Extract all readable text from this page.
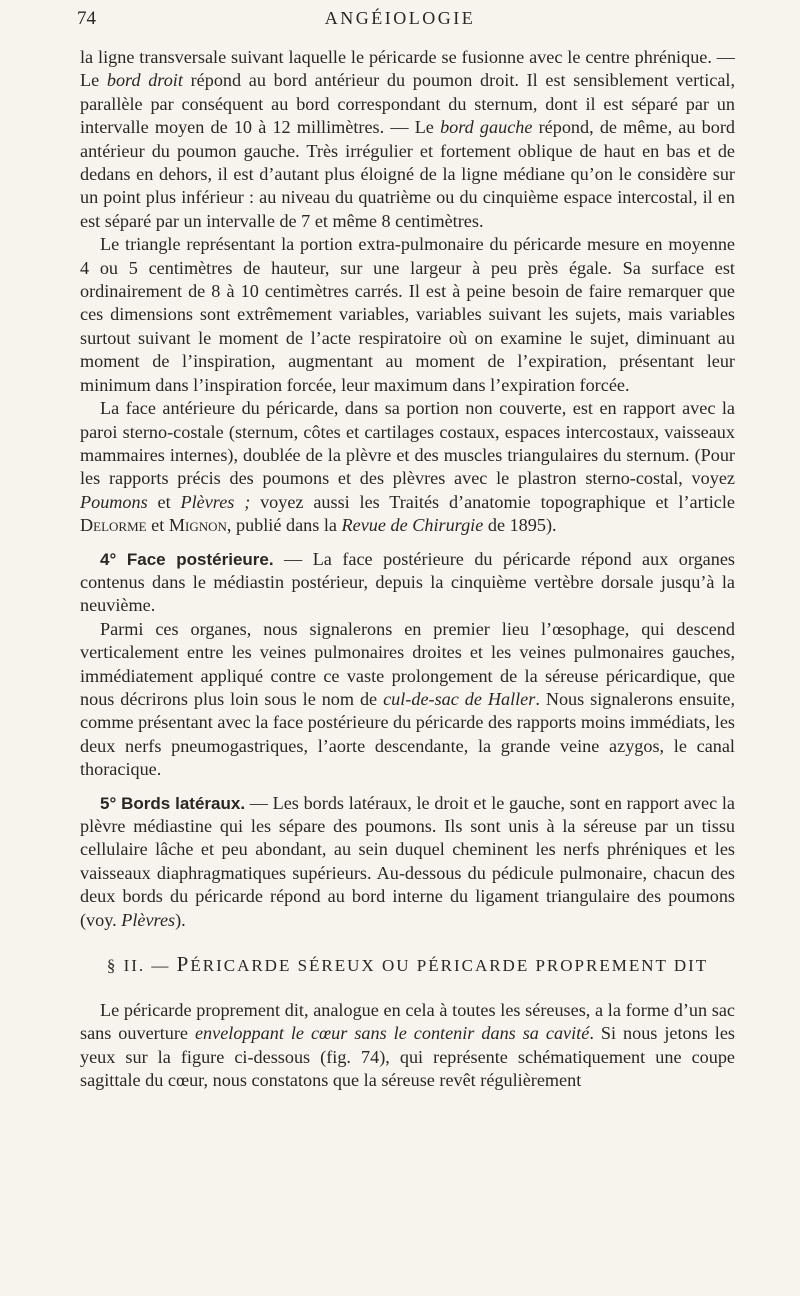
74	ANGÉIOLOGIE

la ligne transversale suivant laquelle le péricarde se fusionne avec le centre phrénique. — Le bord droit répond au bord antérieur du poumon droit. Il est sensiblement vertical, parallèle par conséquent au bord correspondant du sternum, dont il est séparé par un intervalle moyen de 10 à 12 millimètres. — Le bord gauche répond, de même, au bord antérieur du poumon gauche. Très irrégulier et fortement oblique de haut en bas et de dedans en dehors, il est d’autant plus éloigné de la ligne médiane qu’on le considère sur un point plus inférieur : au niveau du quatrième ou du cinquième espace intercostal, il en est séparé par un intervalle de 7 et même 8 centimètres.

Le triangle représentant la portion extra-pulmonaire du péricarde mesure en moyenne 4 ou 5 centimètres de hauteur, sur une largeur à peu près égale. Sa surface est ordinairement de 8 à 10 centimètres carrés. Il est à peine besoin de faire remarquer que ces dimensions sont extrêmement variables, variables suivant les sujets, mais variables surtout suivant le moment de l’acte respiratoire où on examine le sujet, diminuant au moment de l’inspiration, augmentant au moment de l’expiration, présentant leur minimum dans l’inspiration forcée, leur maximum dans l’expiration forcée.

La face antérieure du péricarde, dans sa portion non couverte, est en rapport avec la paroi sterno-costale (sternum, côtes et cartilages costaux, espaces intercostaux, vaisseaux mammaires internes), doublée de la plèvre et des muscles triangulaires du sternum. (Pour les rapports précis des poumons et des plèvres avec le plastron sterno-costal, voyez Poumons et Plèvres ; voyez aussi les Traités d’anatomie topographique et l’article Delorme et Mignon, publié dans la Revue de Chirurgie de 1895).

4° Face postérieure. — La face postérieure du péricarde répond aux organes contenus dans le médiastin postérieur, depuis la cinquième vertèbre dorsale jusqu’à la neuvième.

Parmi ces organes, nous signalerons en premier lieu l’œsophage, qui descend verticalement entre les veines pulmonaires droites et les veines pulmonaires gauches, immédiatement appliqué contre ce vaste prolongement de la séreuse péricardique, que nous décrirons plus loin sous le nom de cul-de-sac de Haller. Nous signalerons ensuite, comme présentant avec la face postérieure du péricarde des rapports moins immédiats, les deux nerfs pneumogastriques, l’aorte descendante, la grande veine azygos, le canal thoracique.

5° Bords latéraux. — Les bords latéraux, le droit et le gauche, sont en rapport avec la plèvre médiastine qui les sépare des poumons. Ils sont unis à la séreuse par un tissu cellulaire lâche et peu abondant, au sein duquel cheminent les nerfs phréniques et les vaisseaux diaphragmatiques supérieurs. Au-dessous du pédicule pulmonaire, chacun des deux bords du péricarde répond au bord interne du ligament triangulaire des poumons (voy. Plèvres).

§ II. — PÉRICARDE SÉREUX OU PÉRICARDE PROPREMENT DIT

Le péricarde proprement dit, analogue en cela à toutes les séreuses, a la forme d’un sac sans ouverture enveloppant le cœur sans le contenir dans sa cavité. Si nous jetons les yeux sur la figure ci-dessous (fig. 74), qui représente schématiquement une coupe sagittale du cœur, nous constatons que la séreuse revêt régulièrement
